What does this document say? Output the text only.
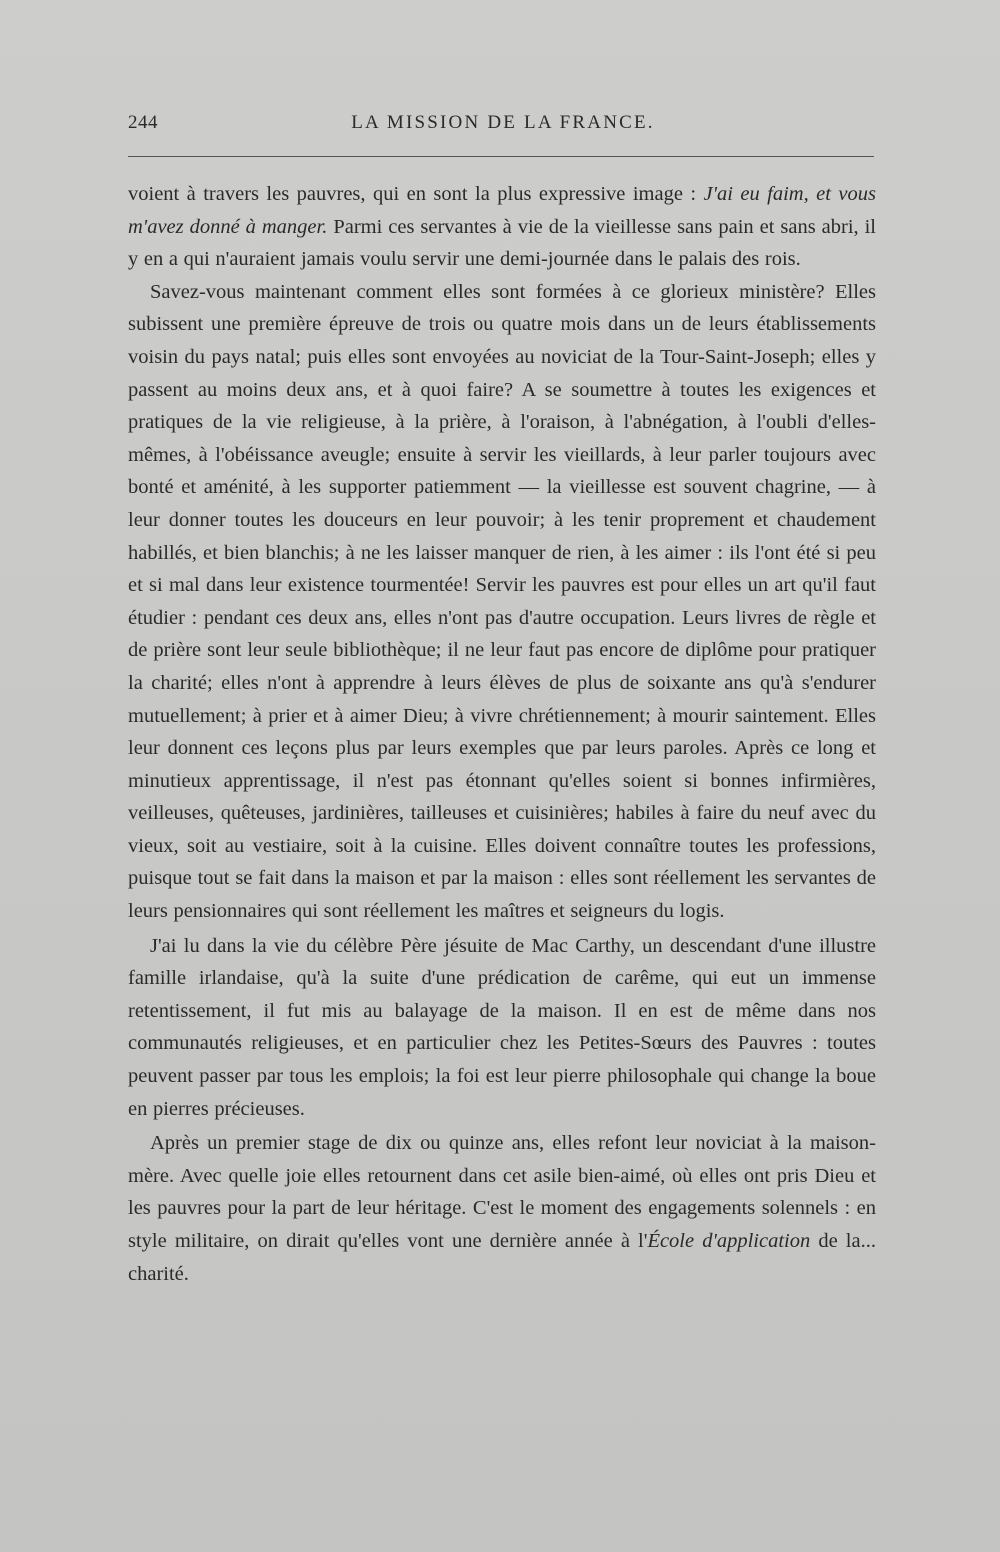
244	LA MISSION DE LA FRANCE.

voient à travers les pauvres, qui en sont la plus expressive image : J'ai eu faim, et vous m'avez donné à manger. Parmi ces servantes à vie de la vieillesse sans pain et sans abri, il y en a qui n'auraient jamais voulu servir une demi-journée dans le palais des rois.

Savez-vous maintenant comment elles sont formées à ce glorieux ministère? Elles subissent une première épreuve de trois ou quatre mois dans un de leurs établissements voisin du pays natal; puis elles sont envoyées au noviciat de la Tour-Saint-Joseph; elles y passent au moins deux ans, et à quoi faire? A se soumettre à toutes les exigences et pratiques de la vie religieuse, à la prière, à l'oraison, à l'abnégation, à l'oubli d'elles-mêmes, à l'obéissance aveugle; ensuite à servir les vieillards, à leur parler toujours avec bonté et aménité, à les supporter patiemment — la vieillesse est souvent chagrine, — à leur donner toutes les douceurs en leur pouvoir; à les tenir proprement et chaudement habillés, et bien blanchis; à ne les laisser manquer de rien, à les aimer : ils l'ont été si peu et si mal dans leur existence tourmentée! Servir les pauvres est pour elles un art qu'il faut étudier : pendant ces deux ans, elles n'ont pas d'autre occupation. Leurs livres de règle et de prière sont leur seule bibliothèque; il ne leur faut pas encore de diplôme pour pratiquer la charité; elles n'ont à apprendre à leurs élèves de plus de soixante ans qu'à s'endurer mutuellement; à prier et à aimer Dieu; à vivre chrétiennement; à mourir saintement. Elles leur donnent ces leçons plus par leurs exemples que par leurs paroles. Après ce long et minutieux apprentissage, il n'est pas étonnant qu'elles soient si bonnes infirmières, veilleuses, quêteuses, jardinières, tailleuses et cuisinières; habiles à faire du neuf avec du vieux, soit au vestiaire, soit à la cuisine. Elles doivent connaître toutes les professions, puisque tout se fait dans la maison et par la maison : elles sont réellement les servantes de leurs pensionnaires qui sont réellement les maîtres et seigneurs du logis.

J'ai lu dans la vie du célèbre Père jésuite de Mac Carthy, un descendant d'une illustre famille irlandaise, qu'à la suite d'une prédication de carême, qui eut un immense retentissement, il fut mis au balayage de la maison. Il en est de même dans nos communautés religieuses, et en particulier chez les Petites-Sœurs des Pauvres : toutes peuvent passer par tous les emplois; la foi est leur pierre philosophale qui change la boue en pierres précieuses.

Après un premier stage de dix ou quinze ans, elles refont leur noviciat à la maison-mère. Avec quelle joie elles retournent dans cet asile bien-aimé, où elles ont pris Dieu et les pauvres pour la part de leur héritage. C'est le moment des engagements solennels : en style militaire, on dirait qu'elles vont une dernière année à l'École d'application de la... charité.
